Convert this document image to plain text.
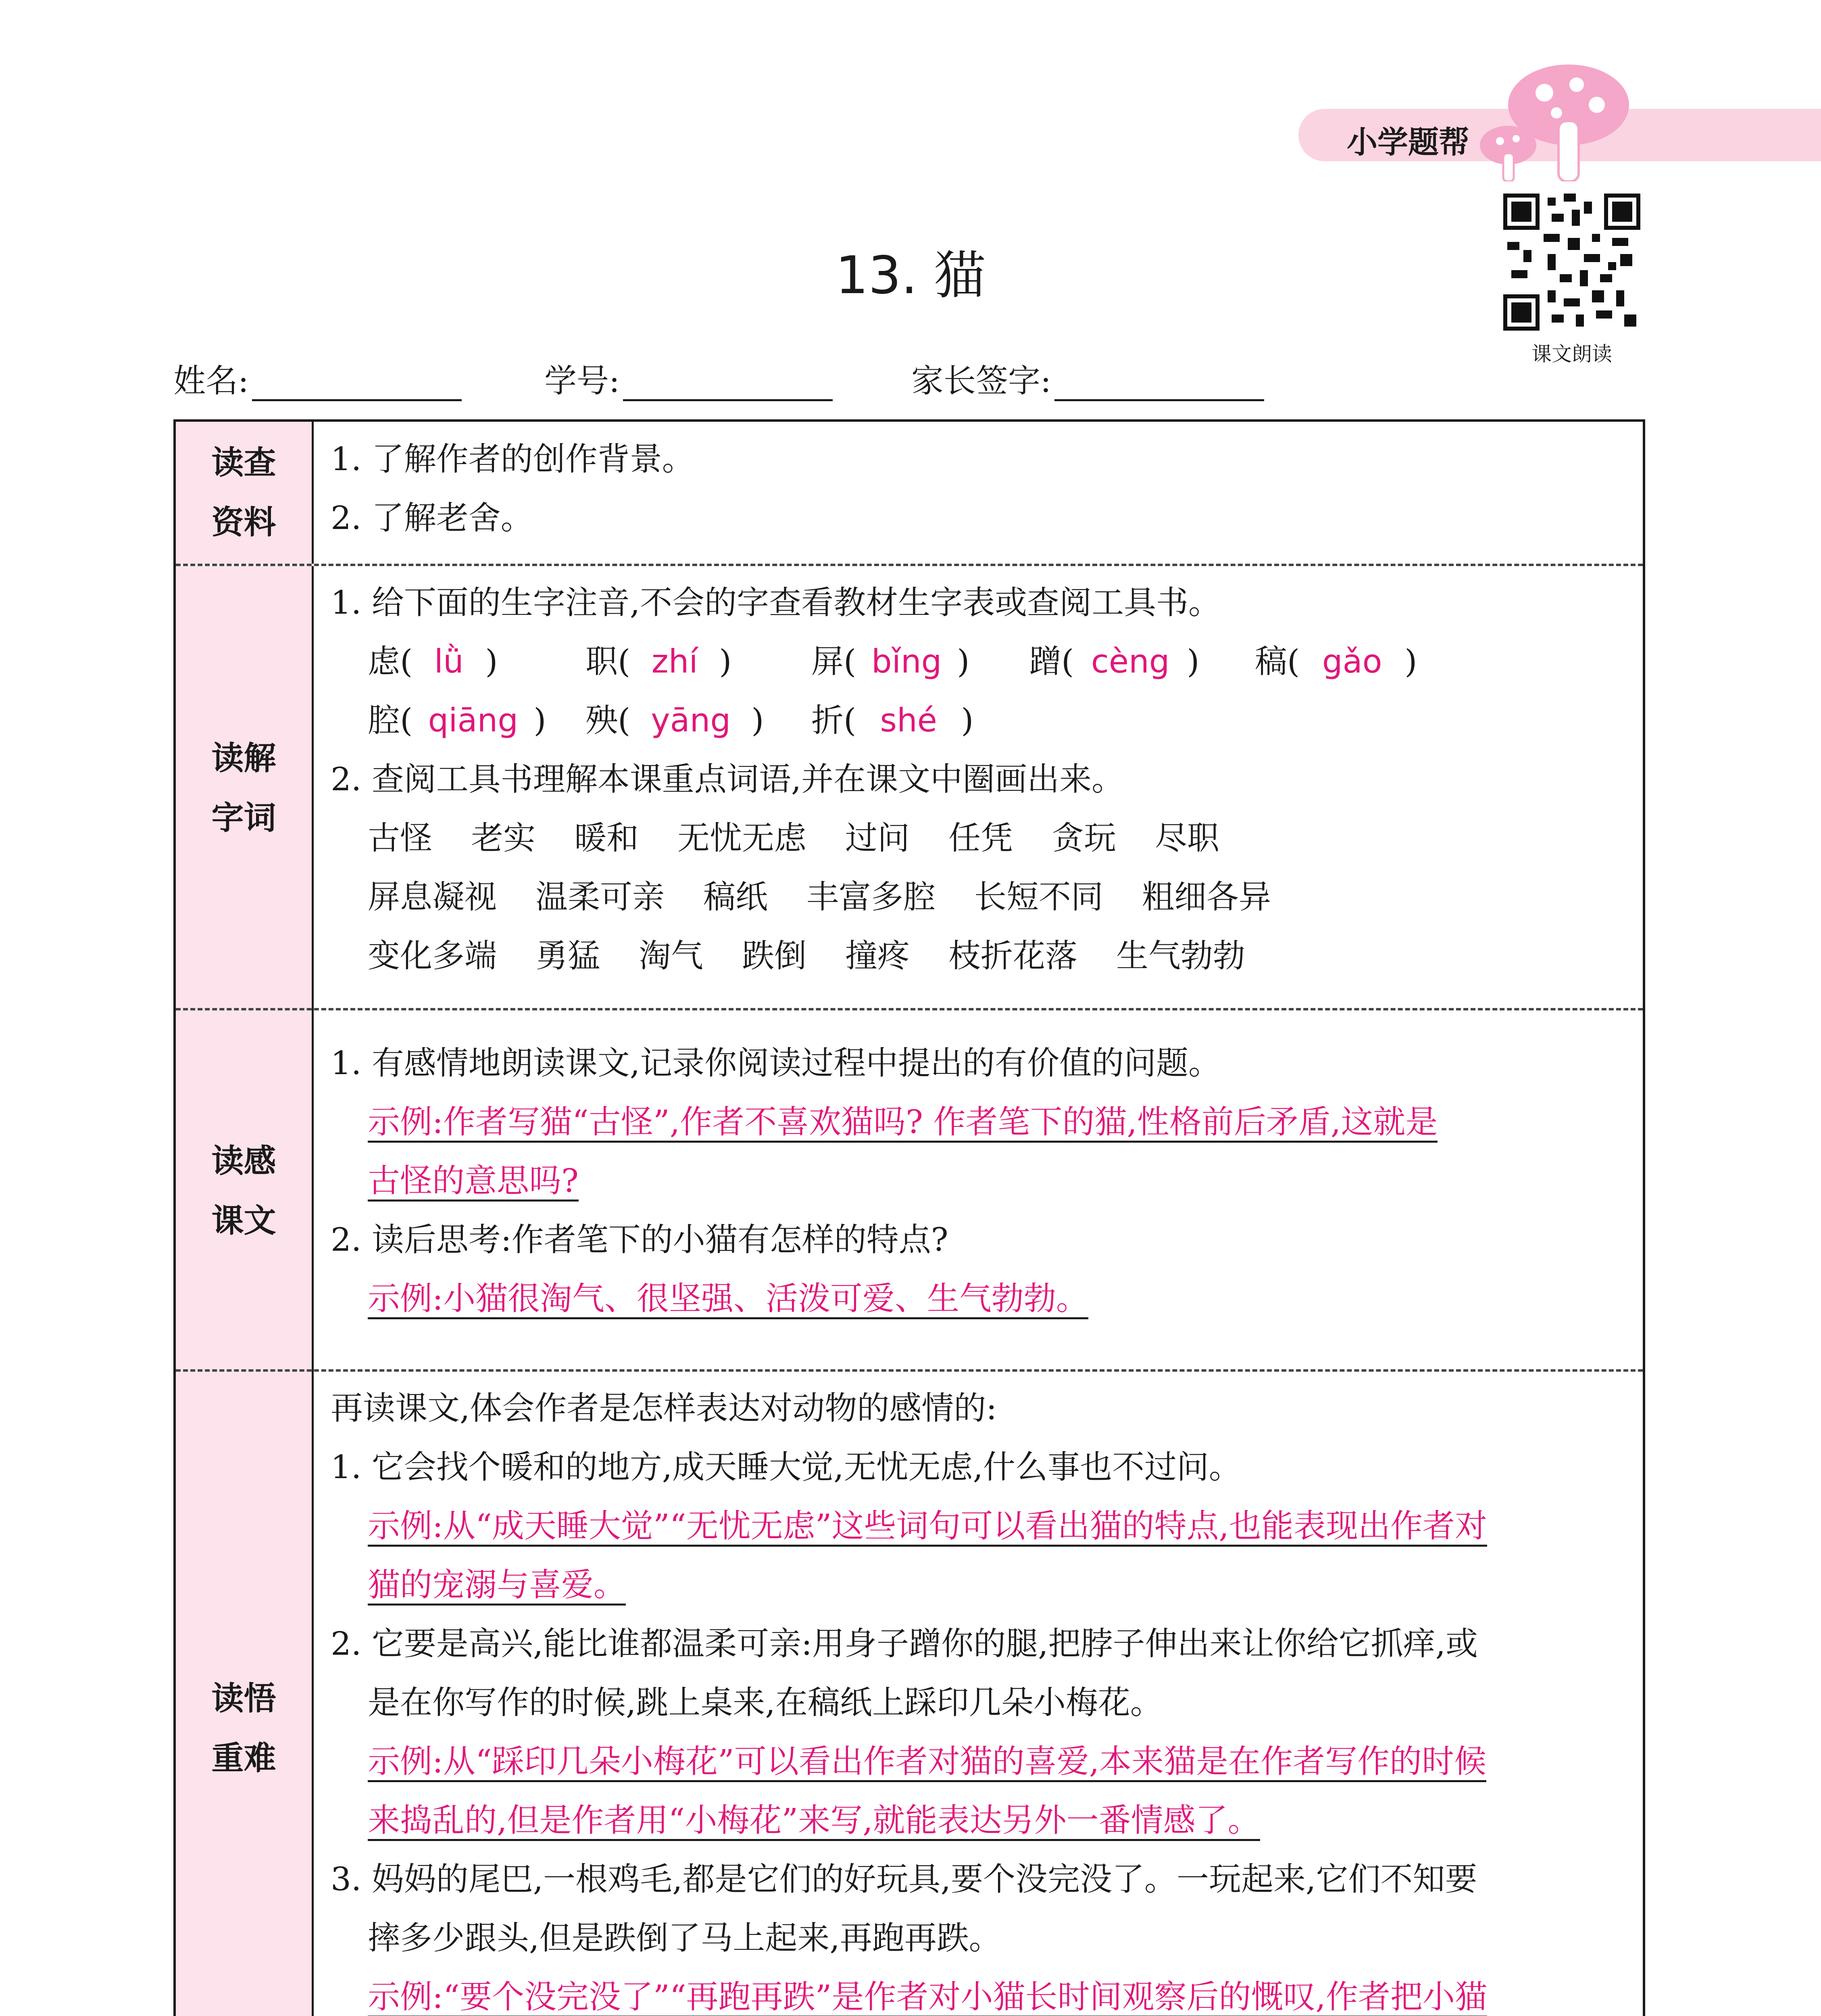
小学题帮
课文朗读
13. 猫
姓名:	学号:	家长签字:
读查
资料
1. 了解作者的创作背景。
2. 了解老舍。
读解
字词
1. 给下面的生字注音,不会的字查看教材生字表或查阅工具书。
虑( lǜ )	职( zhí ) 屏( bǐng ) 蹭( cèng ) 稿( gǎo )
腔( qiāng ) 殃( yāng ) 折( shé )
2. 查阅工具书理解本课重点词语,并在课文中圈画出来。
古怪 老实 暖和 无忧无虑 过问 任凭 贪玩 尽职
屏息凝视 温柔可亲 稿纸 丰富多腔 长短不同 粗细各异
变化多端 勇猛 淘气 跌倒 撞疼 枝折花落 生气勃勃
读感
课文
1. 有感情地朗读课文,记录你阅读过程中提出的有价值的问题。
示例:作者写猫“古怪”,作者不喜欢猫吗? 作者笔下的猫,性格前后矛盾,这就是
古怪的意思吗?
2. 读后思考:作者笔下的小猫有怎样的特点?
示例:小猫很淘气、很坚强、活泼可爱、生气勃勃。
读悟
重难
再读课文,体会作者是怎样表达对动物的感情的:
1. 它会找个暖和的地方,成天睡大觉,无忧无虑,什么事也不过问。
示例:从“成天睡大觉”“无忧无虑”这些词句可以看出猫的特点,也能表现出作者对
猫的宠溺与喜爱。
2. 它要是高兴,能比谁都温柔可亲:用身子蹭你的腿,把脖子伸出来让你给它抓痒,或
是在你写作的时候,跳上桌来,在稿纸上踩印几朵小梅花。
示例:从“踩印几朵小梅花”可以看出作者对猫的喜爱,本来猫是在作者写作的时候
来捣乱的,但是作者用“小梅花”来写,就能表达另外一番情感了。
3. 妈妈的尾巴,一根鸡毛,都是它们的好玩具,要个没完没了。一玩起来,它们不知要
摔多少跟头,但是跌倒了马上起来,再跑再跌。
示例:“要个没完没了”“再跑再跌”是作者对小猫长时间观察后的慨叹,作者把小猫
